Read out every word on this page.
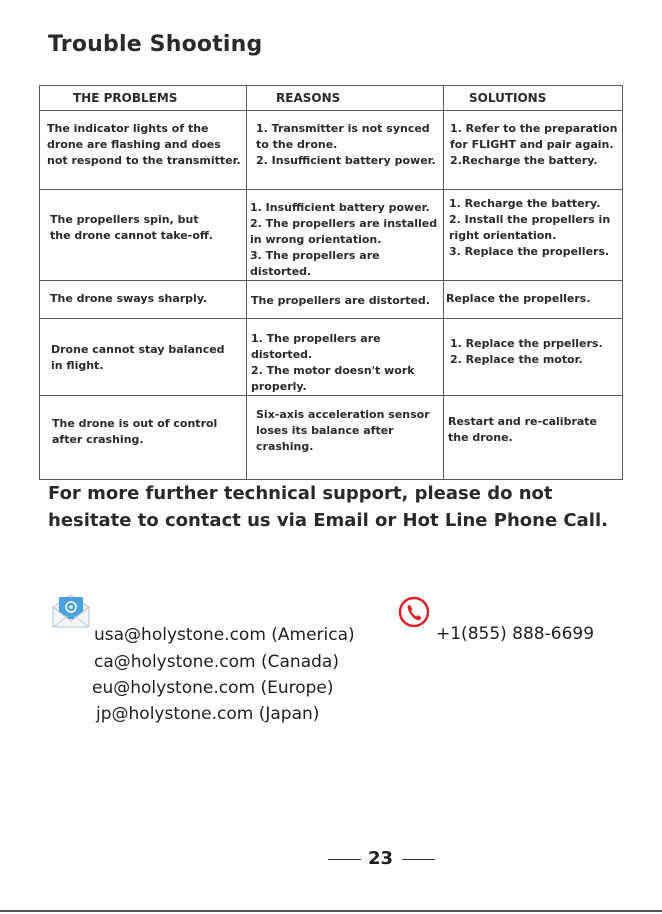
Trouble Shooting
THE PROBLEMS	REASONS	SOLUTIONS

The indicator lights of the
drone are flashing and does
not respond to the transmitter.	1. Transmitter is not synced
to the drone.
2. Insufficient battery power.	1. Refer to the preparation
for FLIGHT and pair again.
2.Recharge the battery.

The propellers spin, but
the drone cannot take-off.	1. Insufficient battery power.
2. The propellers are installed
in wrong orientation.
3. The propellers are distorted.	1. Recharge the battery.
2. Install the propellers in
right orientation.
3. Replace the propellers.

The drone sways sharply.	The propellers are distorted.	Replace the propellers.

Drone cannot stay balanced
in flight.	1. The propellers are distorted.
2. The motor doesn't work
properly.	1. Replace the prpellers.
2. Replace the motor.

The drone is out of control
after crashing.	Six-axis acceleration sensor
loses its balance after
crashing.	Restart and re-calibrate
the drone.
For more further technical support, please do not
hesitate to contact us via Email or Hot Line Phone Call.
usa@holystone.com (America)
ca@holystone.com (Canada)
eu@holystone.com (Europe)
jp@holystone.com (Japan)
+1(855) 888-6699
23
